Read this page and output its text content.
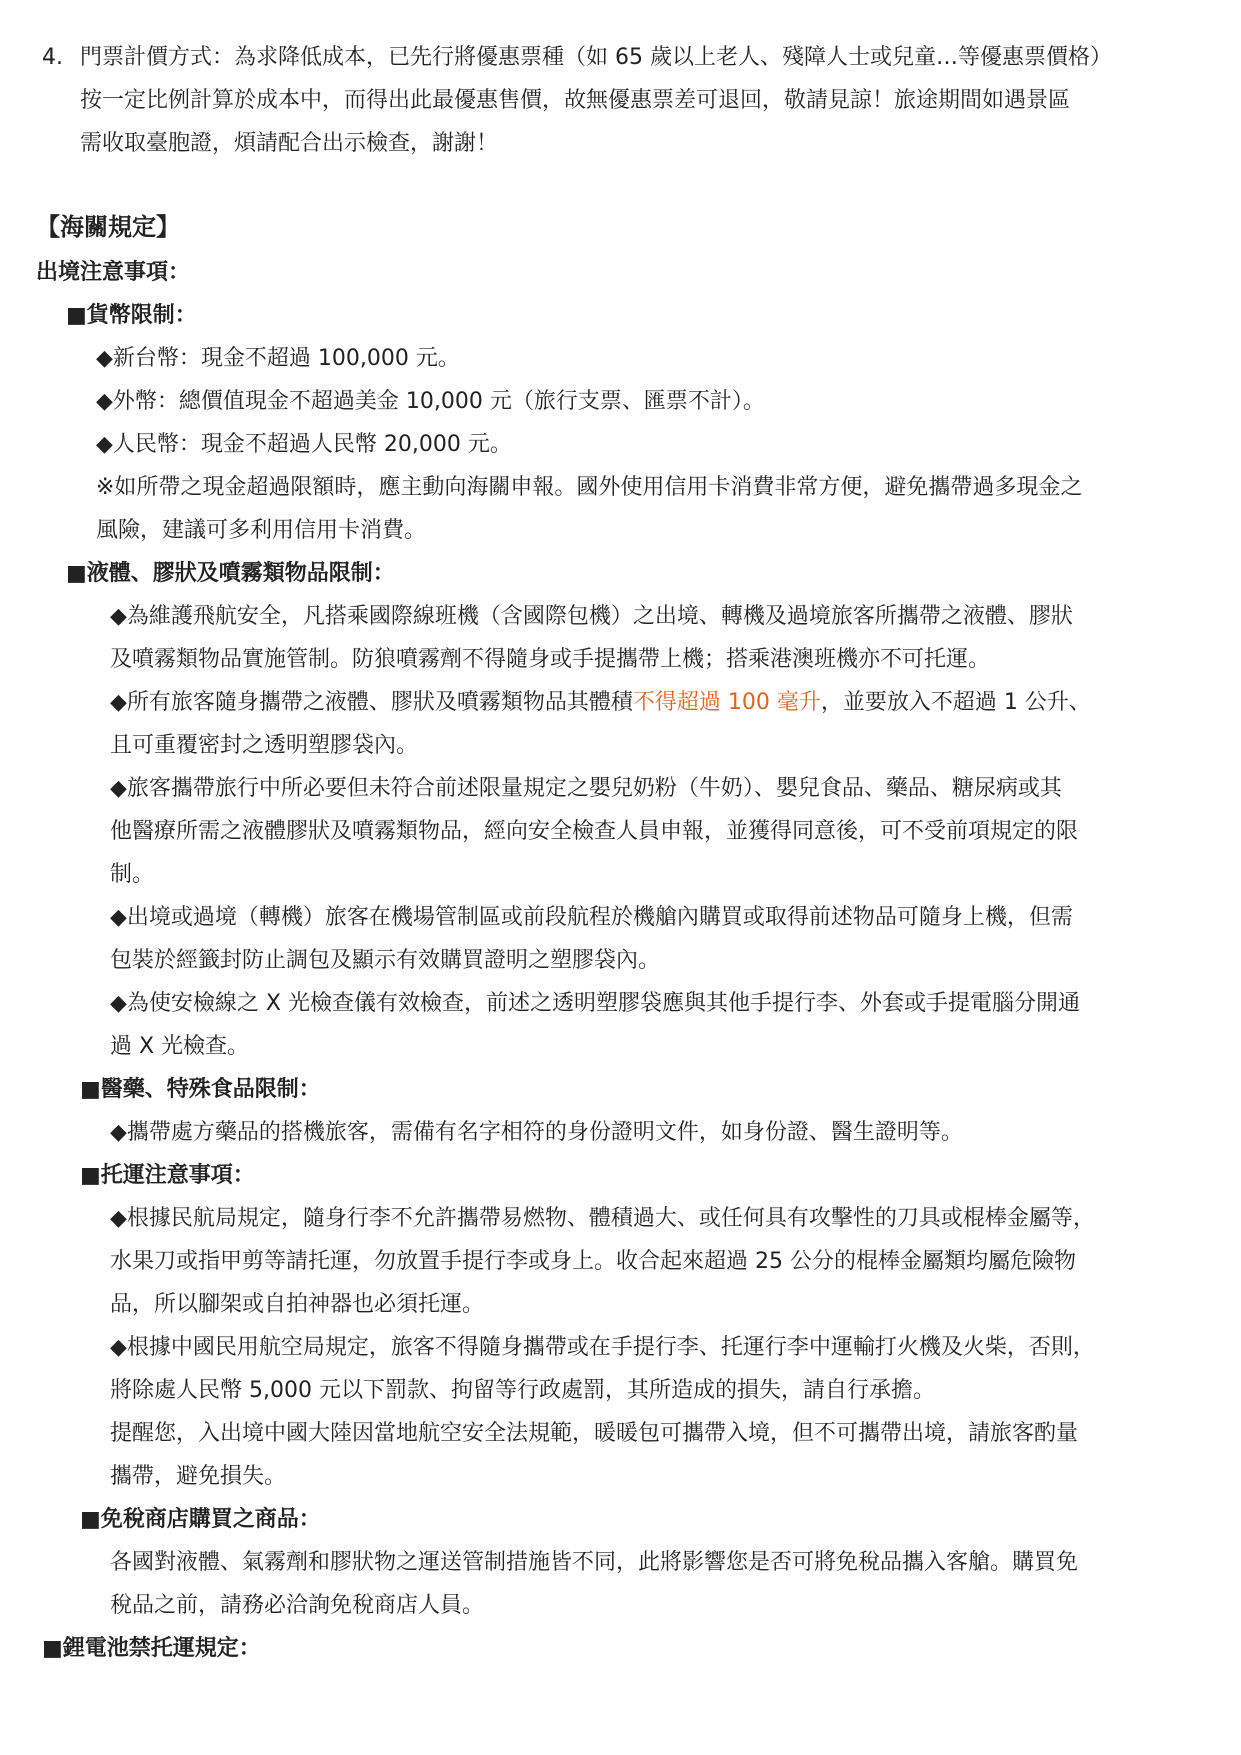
4. 門票計價方式：為求降低成本，已先行將優惠票種（如 65 歲以上老人、殘障人士或兒童…等優惠票價格）
按一定比例計算於成本中，而得出此最優惠售價，故無優惠票差可退回，敬請見諒！旅途期間如遇景區
需收取臺胞證，煩請配合出示檢查，謝謝！
【海關規定】
出境注意事項：
■貨幣限制：
◆新台幣：現金不超過 100,000 元。
◆外幣：總價值現金不超過美金 10,000 元（旅行支票、匯票不計）。
◆人民幣：現金不超過人民幣 20,000 元。
※如所帶之現金超過限額時，應主動向海關申報。國外使用信用卡消費非常方便，避免攜帶過多現金之
風險，建議可多利用信用卡消費。
■液體、膠狀及噴霧類物品限制：
◆為維護飛航安全，凡搭乘國際線班機（含國際包機）之出境、轉機及過境旅客所攜帶之液體、膠狀
及噴霧類物品實施管制。防狼噴霧劑不得隨身或手提攜帶上機；搭乘港澳班機亦不可托運。
◆所有旅客隨身攜帶之液體、膠狀及噴霧類物品其體積不得超過 100 毫升，並要放入不超過 1 公升、
且可重覆密封之透明塑膠袋內。
◆旅客攜帶旅行中所必要但未符合前述限量規定之嬰兒奶粉（牛奶）、嬰兒食品、藥品、糖尿病或其
他醫療所需之液體膠狀及噴霧類物品，經向安全檢查人員申報，並獲得同意後，可不受前項規定的限
制。
◆出境或過境（轉機）旅客在機場管制區或前段航程於機艙內購買或取得前述物品可隨身上機，但需
包裝於經籤封防止調包及顯示有效購買證明之塑膠袋內。
◆為使安檢線之 X 光檢查儀有效檢查，前述之透明塑膠袋應與其他手提行李、外套或手提電腦分開通
過 X 光檢查。
■醫藥、特殊食品限制：
◆攜帶處方藥品的搭機旅客，需備有名字相符的身份證明文件，如身份證、醫生證明等。
■托運注意事項：
◆根據民航局規定，隨身行李不允許攜帶易燃物、體積過大、或任何具有攻擊性的刀具或棍棒金屬等，
水果刀或指甲剪等請托運，勿放置手提行李或身上。收合起來超過 25 公分的棍棒金屬類均屬危險物
品，所以腳架或自拍神器也必須托運。
◆根據中國民用航空局規定，旅客不得隨身攜帶或在手提行李、托運行李中運輸打火機及火柴，否則，
將除處人民幣 5,000 元以下罰款、拘留等行政處罰，其所造成的損失，請自行承擔。
提醒您，入出境中國大陸因當地航空安全法規範，暖暖包可攜帶入境，但不可攜帶出境，請旅客酌量
攜帶，避免損失。
■免稅商店購買之商品：
各國對液體、氣霧劑和膠狀物之運送管制措施皆不同，此將影響您是否可將免稅品攜入客艙。購買免
稅品之前，請務必洽詢免稅商店人員。
■鋰電池禁托運規定：
